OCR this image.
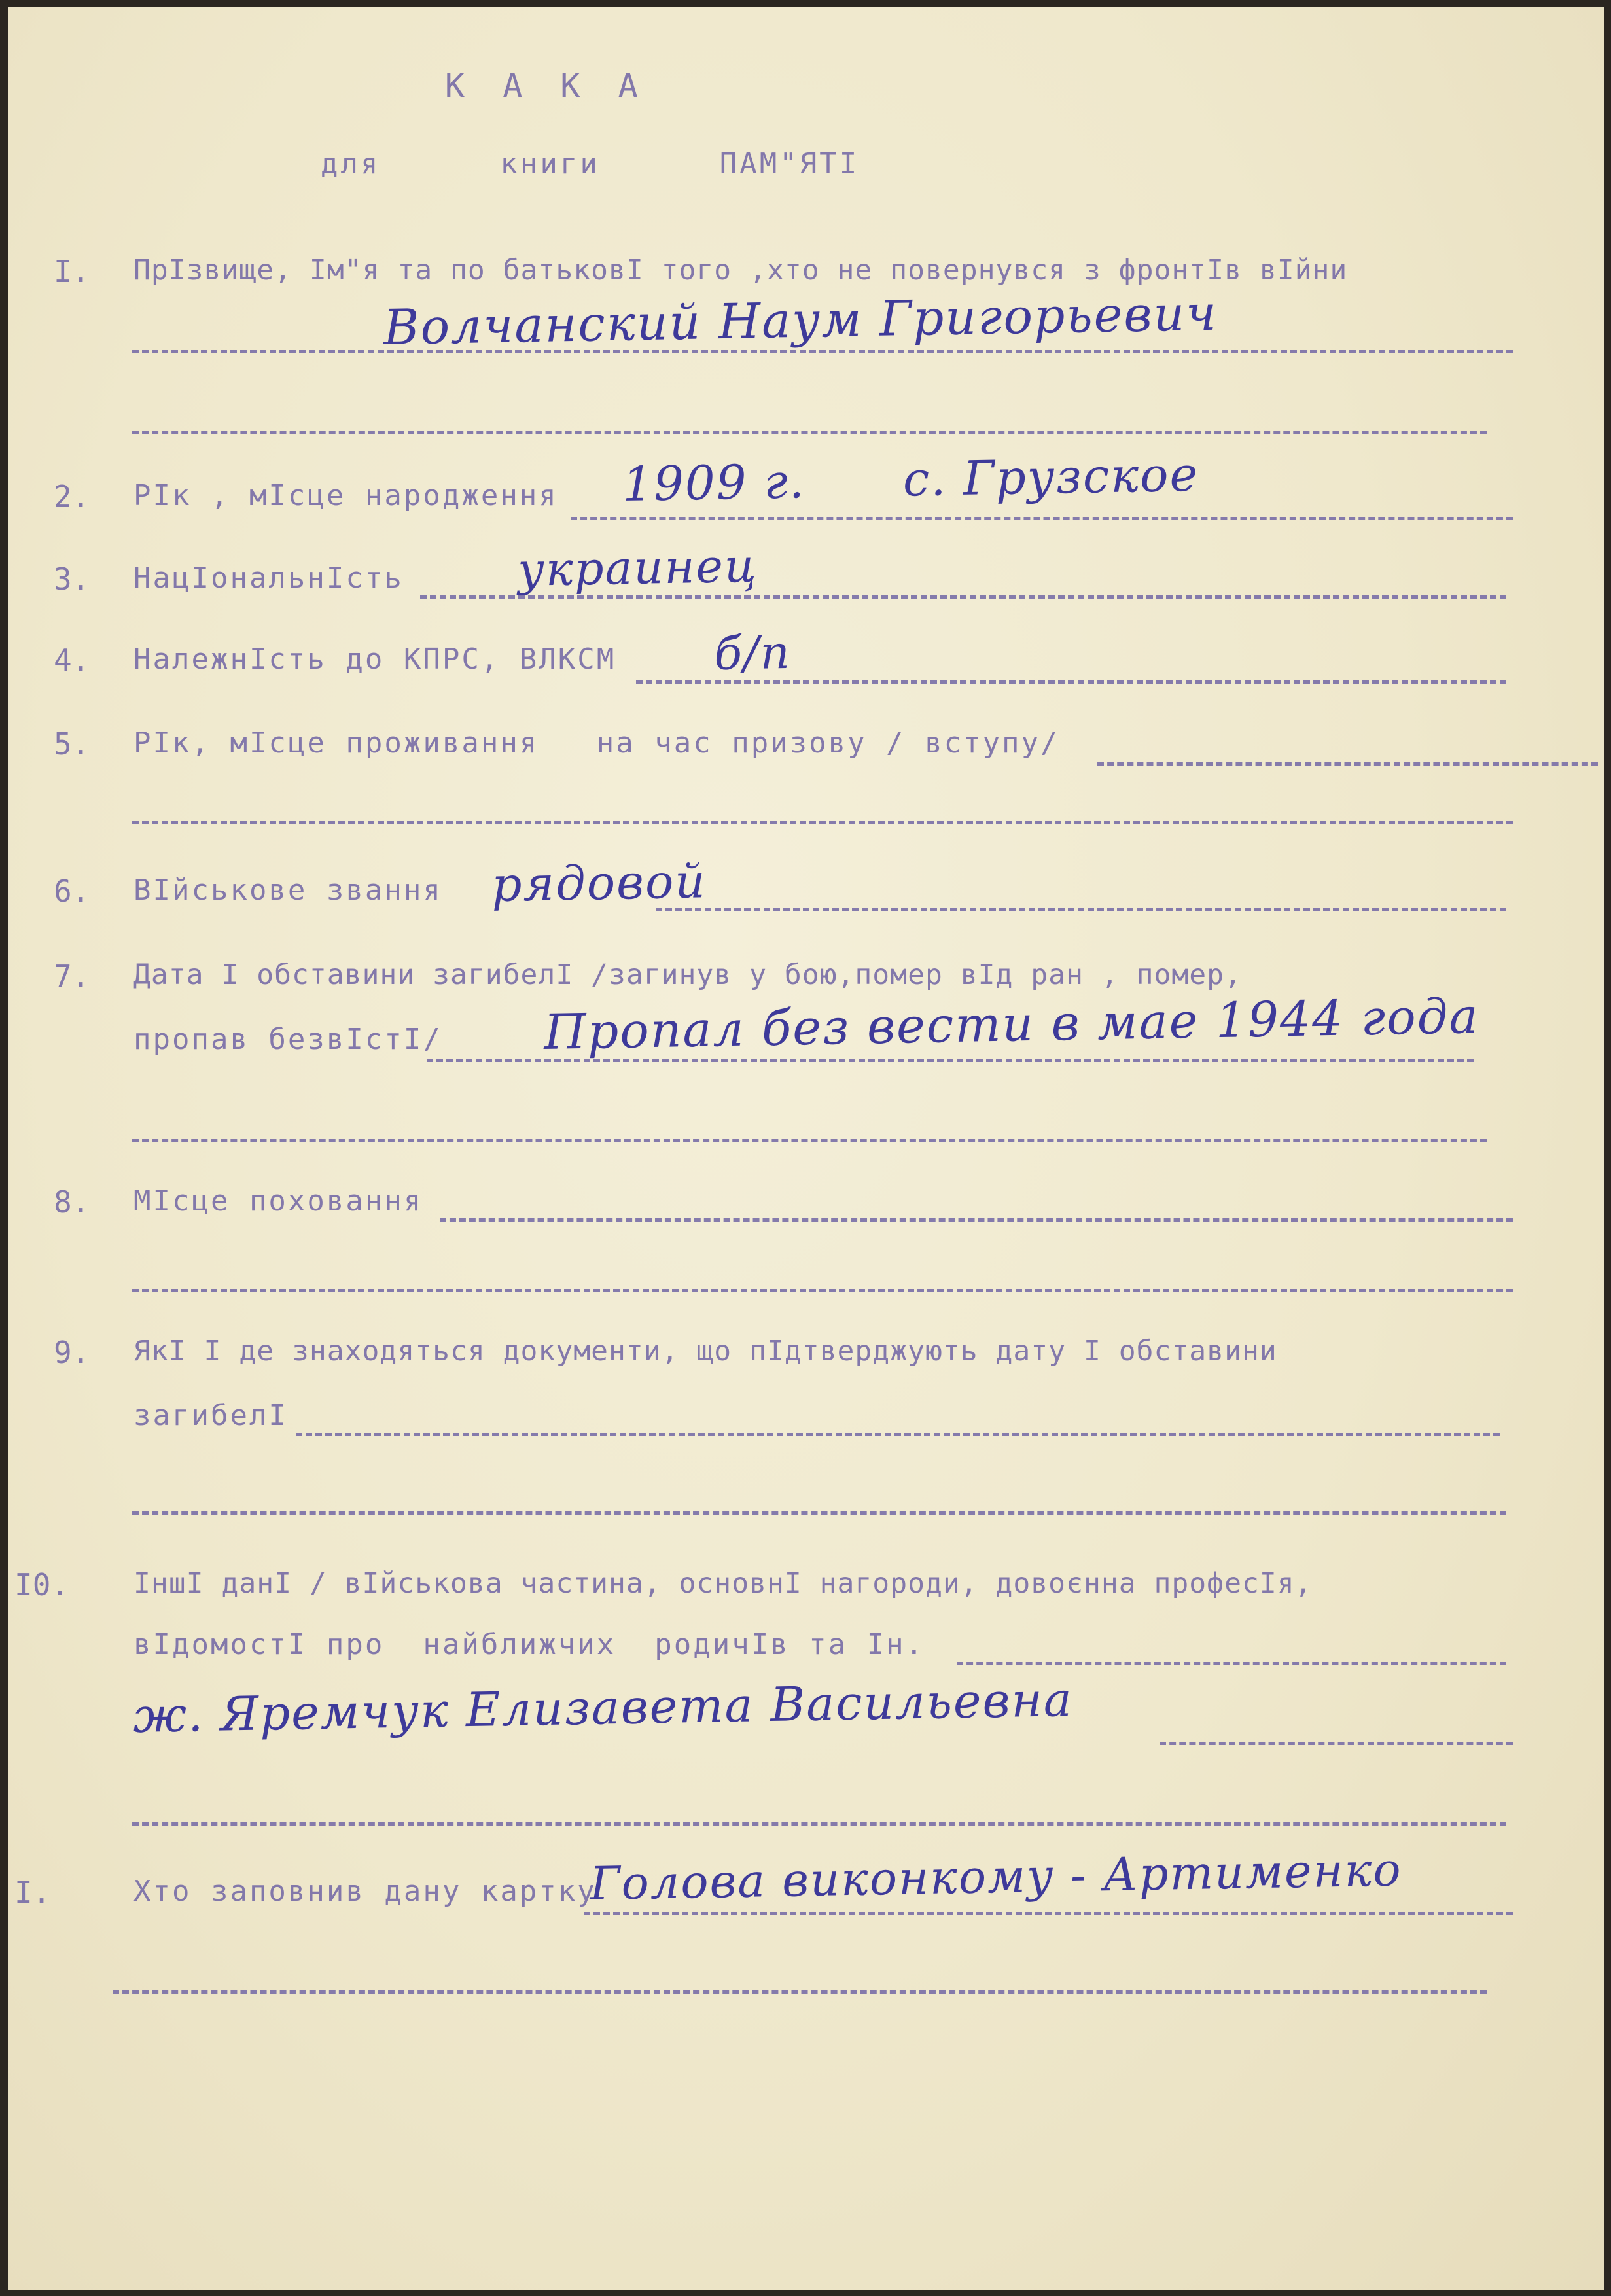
К А К А
для      книги      ПАМ"ЯТІ
I. ПрІзвище, Ім"я та по батьковІ того ,хто не повернувся з фронтІв вІйни
Волчанский Наум Григорьевич
2. РІк , мІсце народження 1909 г.      с. Грузское
3. НацІональнІсть украинец
4. НалежнІсть до КПРС, ВЛКСМ б/п
5. РІк, мІсце проживання   на час призову / вступу/
6. ВІйськове звання рядовой
7. Дата І обставини загибелІ /загинув у бою,помер вІд ран , помер,
пропав безвІстІ/ Пропал без вести в мае 1944 года
8. МІсце поховання
9. ЯкІ І де знаходяться документи, що пІдтверджують дату І обставини
загибелІ
I0. ІншІ данІ / вІйськова частина, основнІ нагороди, довоєнна професІя,
вІдомостІ про  найближчих  родичІв та Ін.
ж. Яремчук Елизавета Васильевна
I.	Хто заповнив дану картку
Голова виконкому - Артименко
